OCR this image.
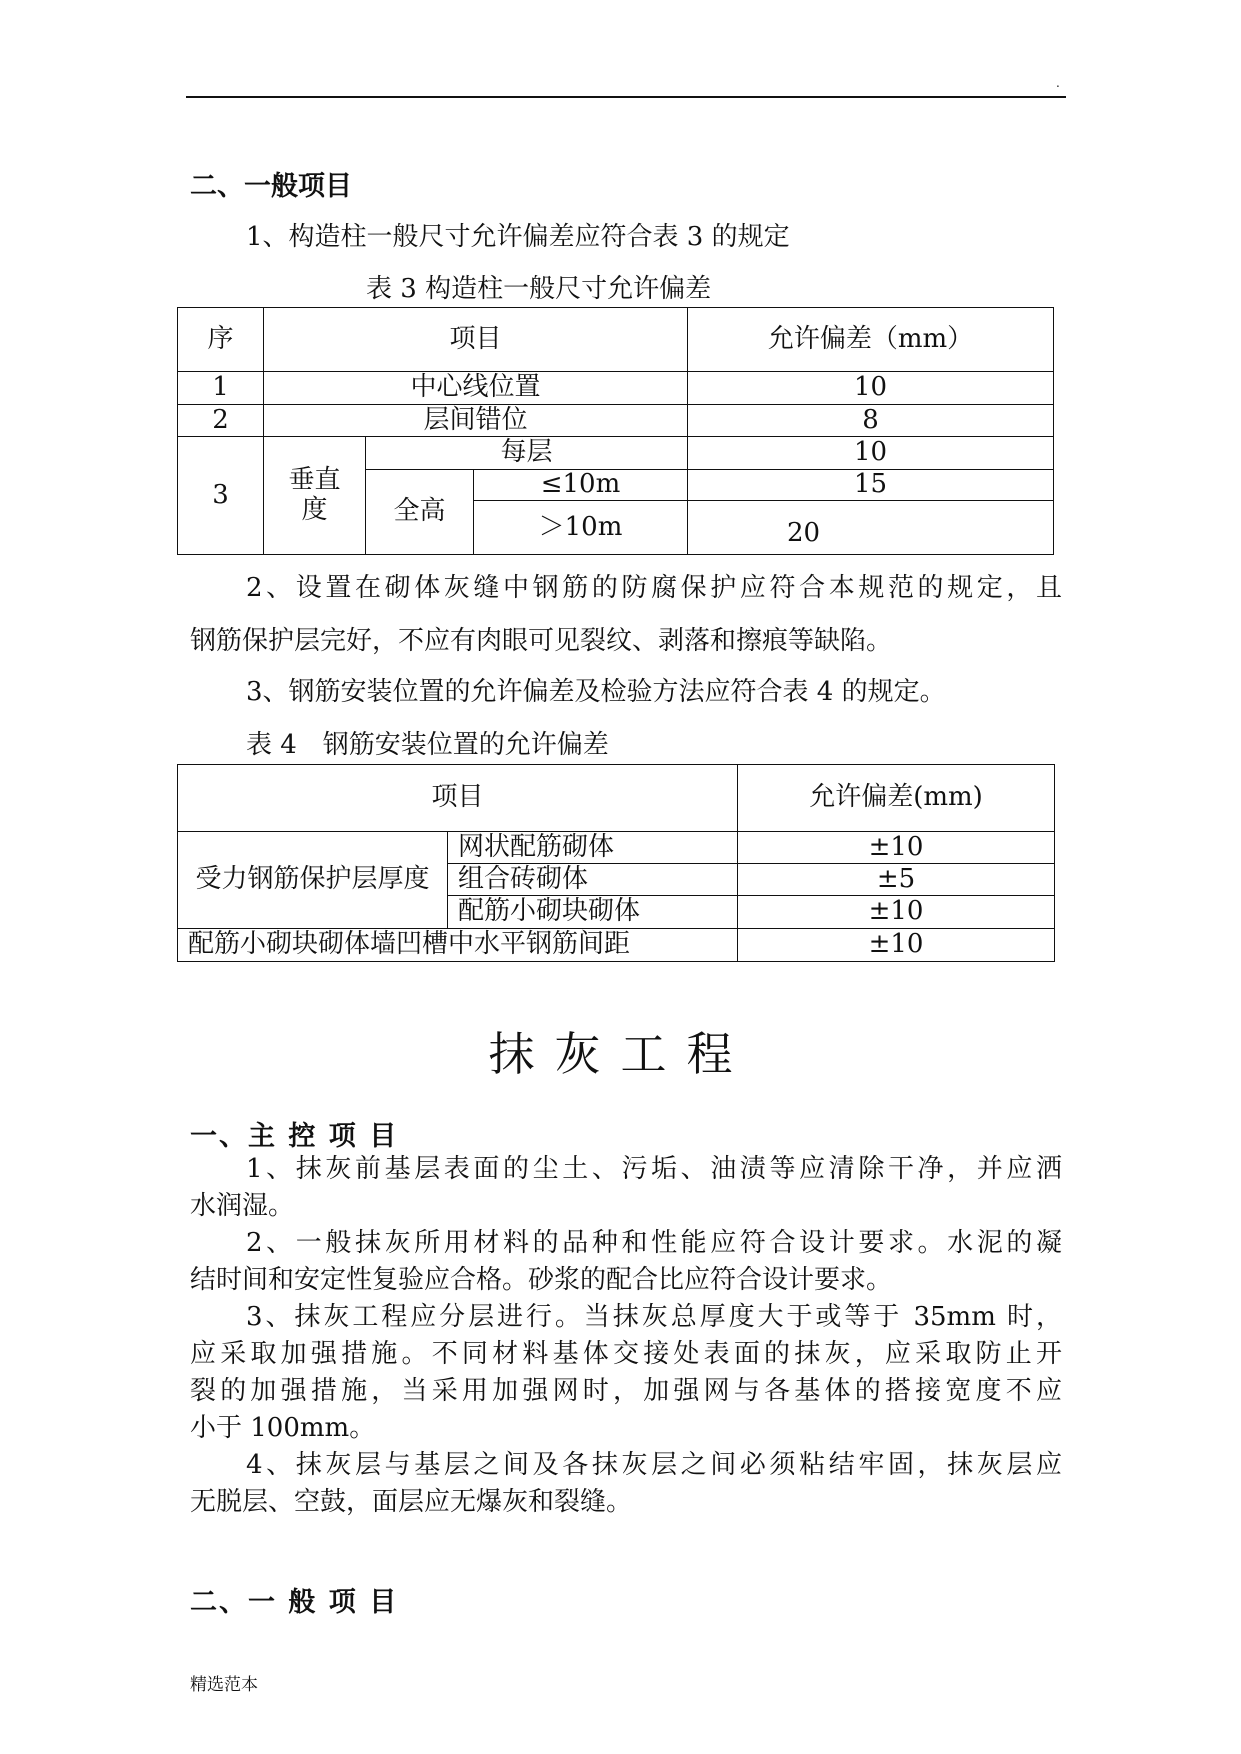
.
二、一般项目
1、构造柱一般尺寸允许偏差应符合表 3 的规定
表 3 构造柱一般尺寸允许偏差
序	项目			允许偏差（mm）
1	中心线位置			10
2	层间错位			8
3	垂直度	每层		10
		全高	≤10m	15
			＞10m	20
2、设置在砌体灰缝中钢筋的防腐保护应符合本规范的规定，且
钢筋保护层完好，不应有肉眼可见裂纹、剥落和擦痕等缺陷。
3、钢筋安装位置的允许偏差及检验方法应符合表 4 的规定。
表 4　钢筋安装位置的允许偏差
项目		允许偏差(mm)
受力钢筋保护层厚度	网状配筋砌体	±10
	组合砖砌体	±5
	配筋小砌块砌体	±10
配筋小砌块砌体墙凹槽中水平钢筋间距		±10
抹灰工程
一、主 控 项 目
1、抹灰前基层表面的尘土、污垢、油渍等应清除干净，并应洒
水润湿。
2、一般抹灰所用材料的品种和性能应符合设计要求。水泥的凝
结时间和安定性复验应合格。砂浆的配合比应符合设计要求。
3、抹灰工程应分层进行。当抹灰总厚度大于或等于 35mm 时，
应采取加强措施。不同材料基体交接处表面的抹灰，应采取防止开
裂的加强措施，当采用加强网时，加强网与各基体的搭接宽度不应
小于 100mm。
4、抹灰层与基层之间及各抹灰层之间必须粘结牢固，抹灰层应
无脱层、空鼓，面层应无爆灰和裂缝。
二、一 般 项 目
精选范本
